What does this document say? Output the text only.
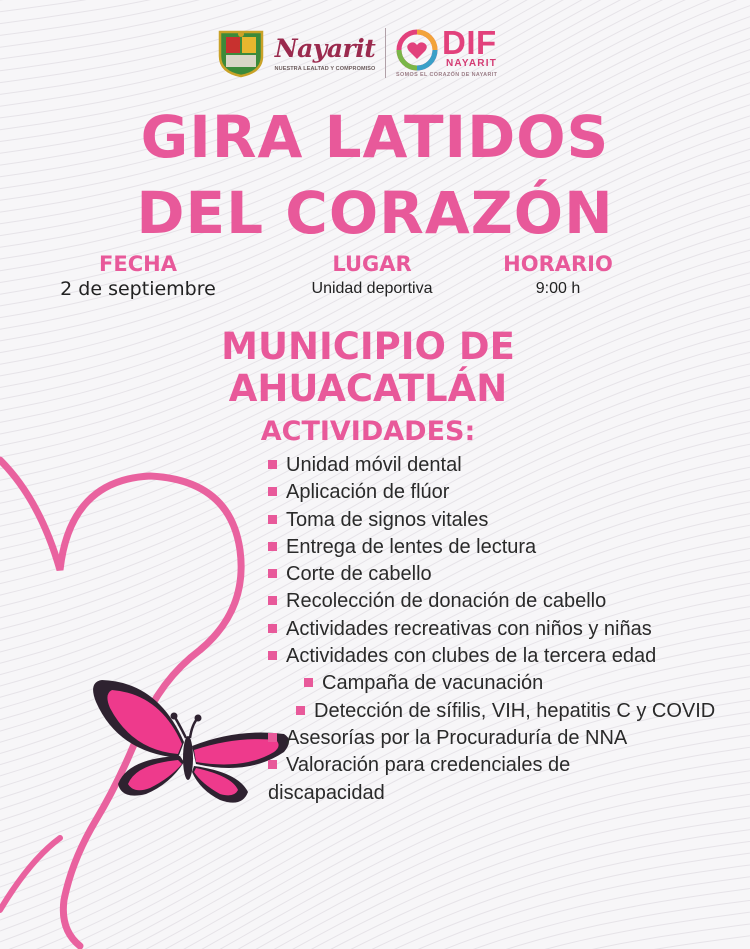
Nayarit
NUESTRA LEALTAD Y COMPROMISO
DIF
NAYARIT
SOMOS EL CORAZÓN DE NAYARIT
GIRA LATIDOS
DEL CORAZÓN
FECHA
2 de septiembre
LUGAR
Unidad deportiva
HORARIO
9:00 h
MUNICIPIO DE
AHUACATLÁN
ACTIVIDADES:
Unidad móvil dental
Aplicación de flúor
Toma de signos vitales
Entrega de lentes de lectura
Corte de cabello
Recolección de donación de cabello
Actividades recreativas con niños y niñas
Actividades con clubes de la tercera edad
Campaña de vacunación
Detección de sífilis, VIH, hepatitis C y COVID
Asesorías por la Procuraduría de NNA
Valoración para credenciales de discapacidad
